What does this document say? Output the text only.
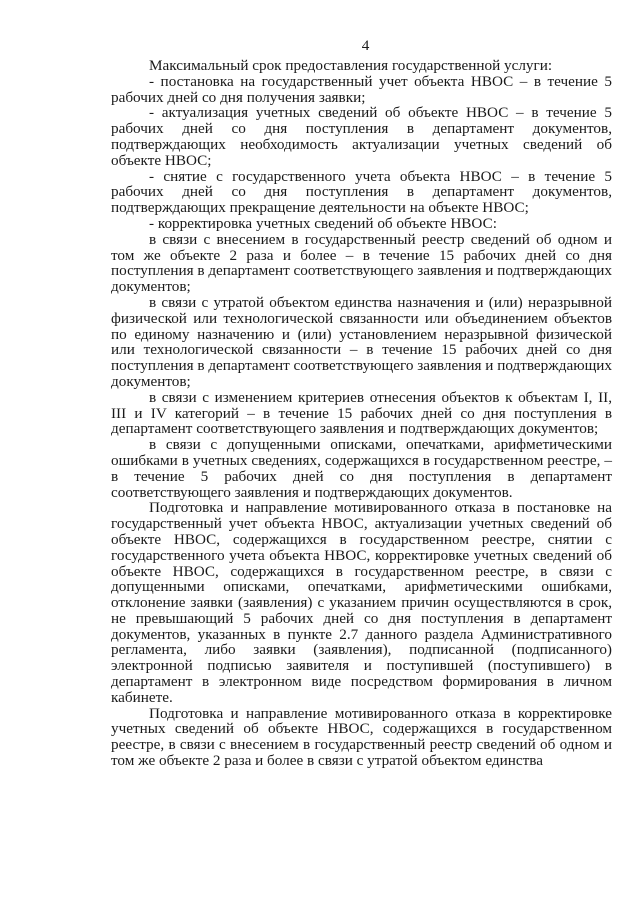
4

Максимальный срок предоставления государственной услуги:

- постановка на государственный учет объекта НВОС – в течение 5 рабочих дней со дня получения заявки;

- актуализация учетных сведений об объекте НВОС – в течение 5 рабочих дней со дня поступления в департамент документов, подтверждающих необходимость актуализации учетных сведений об объекте НВОС;

- снятие с государственного учета объекта НВОС – в течение 5 рабочих дней со дня поступления в департамент документов, подтверждающих прекращение деятельности на объекте НВОС;

- корректировка учетных сведений об объекте НВОС:

в связи с внесением в государственный реестр сведений об одном и том же объекте 2 раза и более – в течение 15 рабочих дней со дня поступления в департамент соответствующего заявления и подтверждающих документов;

в связи с утратой объектом единства назначения и (или) неразрывной физической или технологической связанности или объединением объектов по единому назначению и (или) установлением неразрывной физической или технологической связанности – в течение 15 рабочих дней со дня поступления в департамент соответствующего заявления и подтверждающих документов;

в связи с изменением критериев отнесения объектов к объектам I, II, III и IV категорий – в течение 15 рабочих дней со дня поступления в департамент соответствующего заявления и подтверждающих документов;

в связи с допущенными описками, опечатками, арифметическими ошибками в учетных сведениях, содержащихся в государственном реестре, – в течение 5 рабочих дней со дня поступления в департамент соответствующего заявления и подтверждающих документов.

Подготовка и направление мотивированного отказа в постановке на государственный учет объекта НВОС, актуализации учетных сведений об объекте НВОС, содержащихся в государственном реестре, снятии с государственного учета объекта НВОС, корректировке учетных сведений об объекте НВОС, содержащихся в государственном реестре, в связи с допущенными описками, опечатками, арифметическими ошибками, отклонение заявки (заявления) с указанием причин осуществляются в срок, не превышающий 5 рабочих дней со дня поступления в департамент документов, указанных в пункте 2.7 данного раздела Административного регламента, либо заявки (заявления), подписанной (подписанного) электронной подписью заявителя и поступившей (поступившего) в департамент в электронном виде посредством формирования в личном кабинете.

Подготовка и направление мотивированного отказа в корректировке учетных сведений об объекте НВОС, содержащихся в государственном реестре, в связи с внесением в государственный реестр сведений об одном и том же объекте 2 раза и более в связи с утратой объектом единства
